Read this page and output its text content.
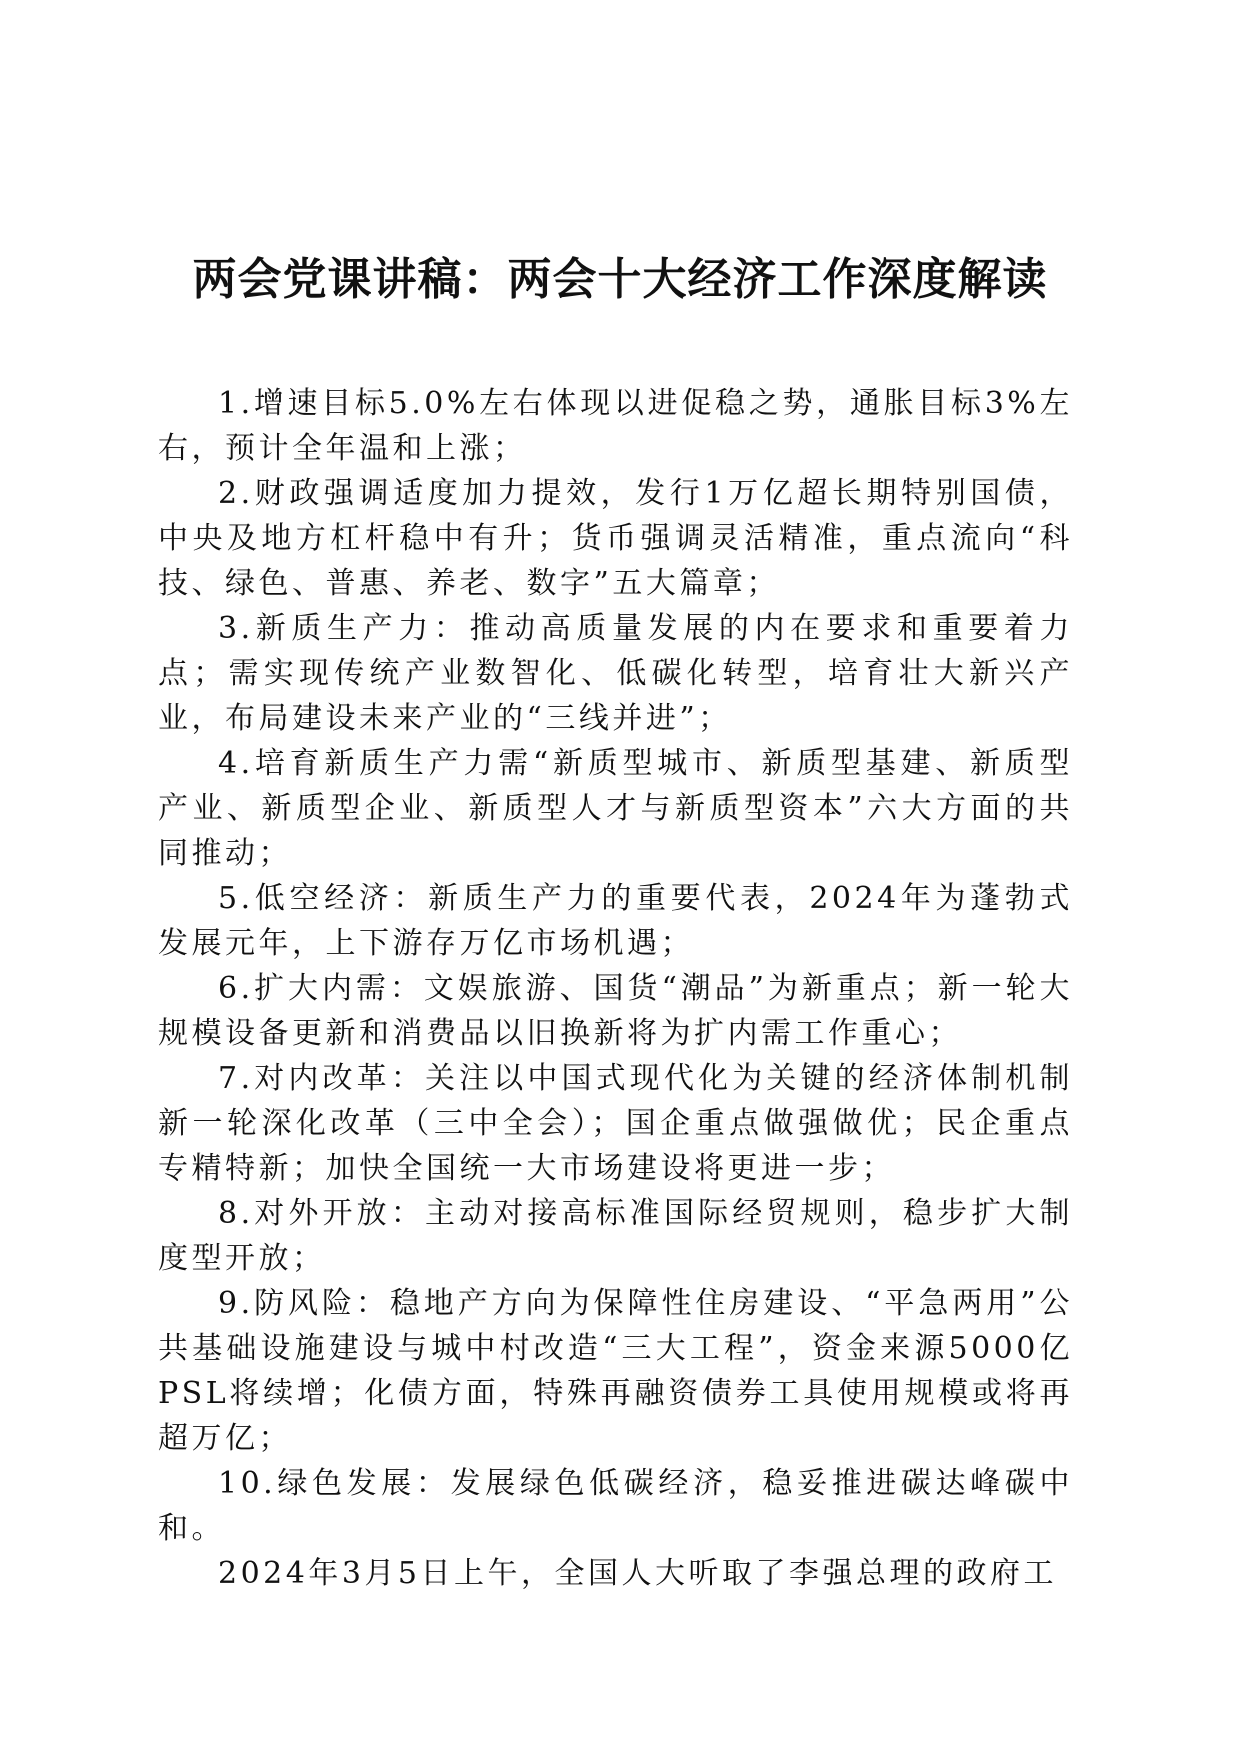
两会党课讲稿：两会十大经济工作深度解读

1.增速目标5.0%左右体现以进促稳之势，通胀目标3%左右，预计全年温和上涨；

2.财政强调适度加力提效，发行1万亿超长期特别国债，中央及地方杠杆稳中有升；货币强调灵活精准，重点流向“科技、绿色、普惠、养老、数字”五大篇章；

3.新质生产力：推动高质量发展的内在要求和重要着力点；需实现传统产业数智化、低碳化转型，培育壮大新兴产业，布局建设未来产业的“三线并进”；

4.培育新质生产力需“新质型城市、新质型基建、新质型产业、新质型企业、新质型人才与新质型资本”六大方面的共同推动；

5.低空经济：新质生产力的重要代表，2024年为蓬勃式发展元年，上下游存万亿市场机遇；

6.扩大内需：文娱旅游、国货“潮品”为新重点；新一轮大规模设备更新和消费品以旧换新将为扩内需工作重心；

7.对内改革：关注以中国式现代化为关键的经济体制机制新一轮深化改革（三中全会）；国企重点做强做优；民企重点专精特新；加快全国统一大市场建设将更进一步；

8.对外开放：主动对接高标准国际经贸规则，稳步扩大制度型开放；

9.防风险：稳地产方向为保障性住房建设、“平急两用”公共基础设施建设与城中村改造“三大工程”，资金来源5000亿PSL将续增；化债方面，特殊再融资债券工具使用规模或将再超万亿；

10.绿色发展：发展绿色低碳经济，稳妥推进碳达峰碳中和。

2024年3月5日上午，全国人大听取了李强总理的政府工
